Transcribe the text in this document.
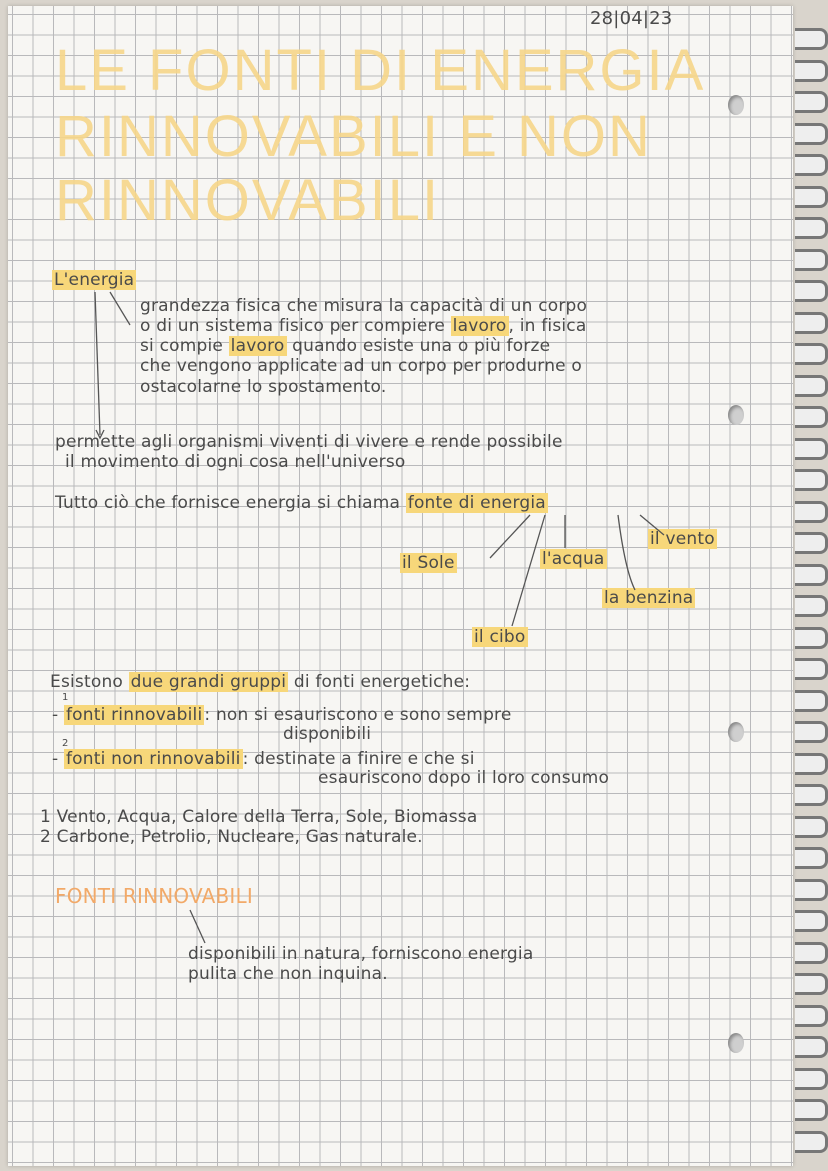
28|04|23
LE FONTI DI ENERGIA
RINNOVABILI E NON
RINNOVABILI
L'energia
grandezza fisica che misura la capacità di un corpo
o di un sistema fisico per compiere lavoro , in fisica
si compie lavoro quando esiste una o più forze
che vengono applicate ad un corpo per produrne o
ostacolarne lo spostamento.
permette agli organismi viventi di vivere e rende possibile
il movimento di ogni cosa nell'universo
Tutto ciò che fornisce energia si chiama fonte di energia
il Sole	l'acqua
il vento
la benzina
il cibo
Esistono due grandi gruppi di fonti energetiche:
1
- fonti rinnovabili : non si esauriscono e sono sempre
disponibili
2
- fonti non rinnovabili : destinate a finire e che si
esauriscono dopo il loro consumo
1 Vento, Acqua, Calore della Terra, Sole, Biomassa
2 Carbone, Petrolio, Nucleare, Gas naturale.
FONTI RINNOVABILI
disponibili in natura, forniscono energia
pulita che non inquina.
